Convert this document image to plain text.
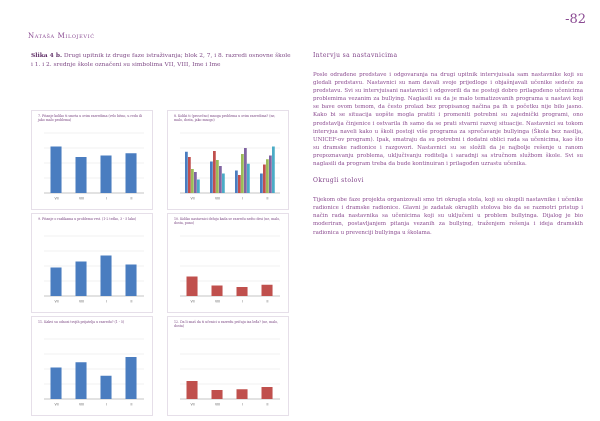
-82
Nataša Milojević
Slika 4 b. Drugi upitnik iz druge faze istraživanja; blok 2, 7, i 8. razredi osnovne škole i 1. i 2. srednje škole označeni su simbolima VII, VIII, Ime i Ime
7. Pitanje koliko ti smeta u ovim razredima (vrlo bitno, u redu ili jako malo problema)
VII	VIII	I	II
8. Koliki ti (prosečno) mnoga problema u ovim razredima? (ne, malo, dosta, jako mnogo)
VII	VIII	I	II
9. Pitanje o razlikama u problemu vrst. (1-2 teško, 3 - 5 lako)
VII	VIII	I	II
10. Koliko nastavnici deluju kada se razredu nešto desi (ne, malo, dosta, puno)
VII	VIII	I	II
11. Kakvi su odnosi tvojih prijatelja u razredu? (1 - 5)
VII	VIII	I	II
12. Da li znaš da ti učenici u razredu pričaju iza leđa? (ne, malo, dosta)
VII	VIII	I	II
Intervju sa nastavnicima

Posle odrađene predstave i odgovaranja na drugi upitnik intervjuisala sam nastavnike koji su gledali predstavu. Nastavnici su nam davali svoje prijedloge i objašnjavali učenike sedeće za predstavu. Svi su intervjuisani nastavnici i odgovorili da ne postoji dobro prilagođeno učenicima problemima vezanim za bullying. Naglasili su da je malo tematizovanih programa u nastavi koji se bave ovom temom, da često prolazi bez propisanog načina pa ih u početku nije bilo jasno. Kako bi se situacija uopšte mogla pratiti i promeniti potrebni su zajednički programi, ono predstavlja činjenice i ostvarila ih samo da se prati stvarni razvoj situacije. Nastavnici su tokom intervjua naveli kako u školi postoji više programa za sprečavanje bullyinga (Škola bez nasilja, UNICEF-ov program). Ipak, smatraju da su potrebni i dodatni oblici rada sa učenicima, kao što su dramske radionice i razgovori. Nastavnici su se složili da je najbolje rešenje u ranom prepoznavanju problema, uključivanju roditelja i saradnji sa stručnom službom škole. Svi su naglasili da program treba da bude kontinuiran i prilagođen uzrastu učenika.

Okrugli stolovi

Tijekom obe faze projekta organizovali smo tri okrugla stola, koji su okupili nastavnike i učenike radionice i dramske radionice. Glavni je zadatak okruglih stolova bio da se razmotri pristup i način rada nastavnika sa učenicima koji su uključeni u problem bullyinga. Dijalog je bio moderiran, postavljanjem pitanja vezanih za bullying, traženjem rešenja i ideja dramskih radionica u prevenciji bullyinga u školama.
